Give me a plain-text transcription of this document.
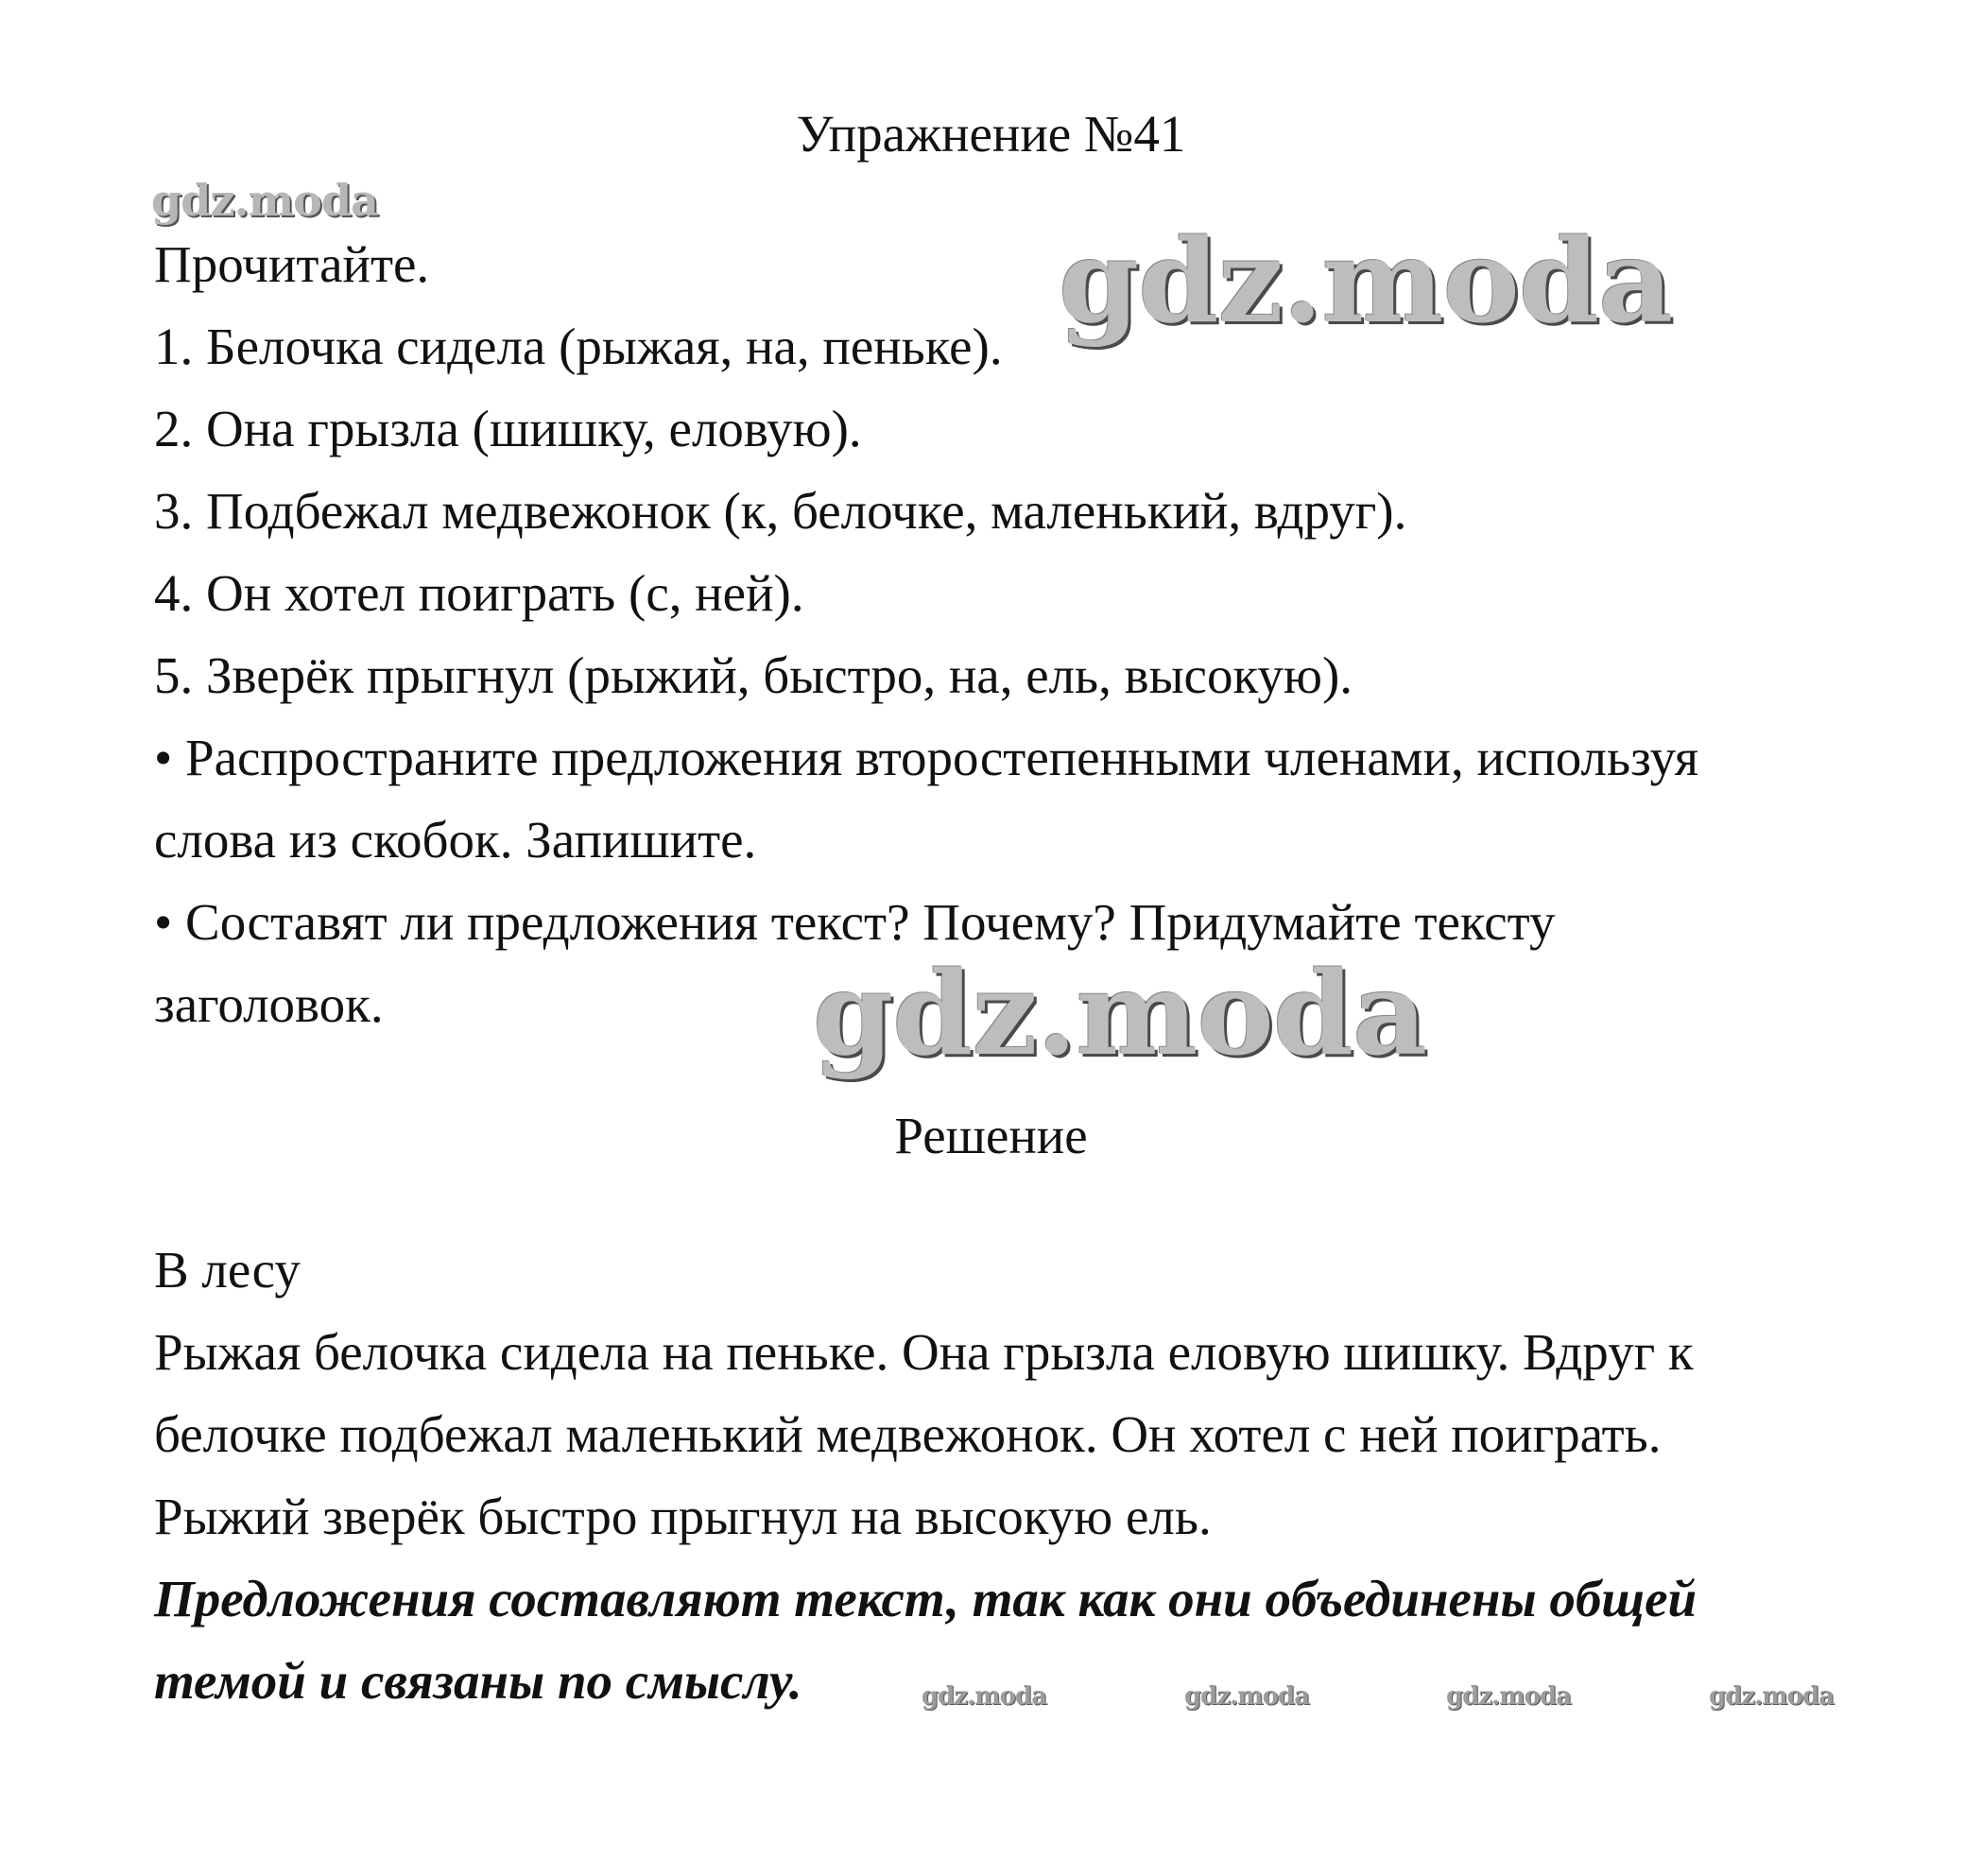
Упражнение №41
gdz.moda
gdz.moda
Прочитайте.
1. Белочка сидела (рыжая, на, пеньке).
2. Она грызла (шишку, еловую).
3. Подбежал медвежонок (к, белочке, маленький, вдруг).
4. Он хотел поиграть (с, ней).
5. Зверёк прыгнул (рыжий, быстро, на, ель, высокую).
• Распространите предложения второстепенными членами, используя
слова из скобок. Запишите.
• Составят ли предложения текст? Почему? Придумайте тексту
заголовок.	gdz.moda
Решение
В лесу
Рыжая белочка сидела на пеньке. Она грызла еловую шишку. Вдруг к
белочке подбежал маленький медвежонок. Он хотел с ней поиграть.
Рыжий зверёк быстро прыгнул на высокую ель.
Предложения составляют текст, так как они объединены общей
темой и связаны по смыслу.	gdz.moda	gdz.moda	gdz.moda	gdz.moda
